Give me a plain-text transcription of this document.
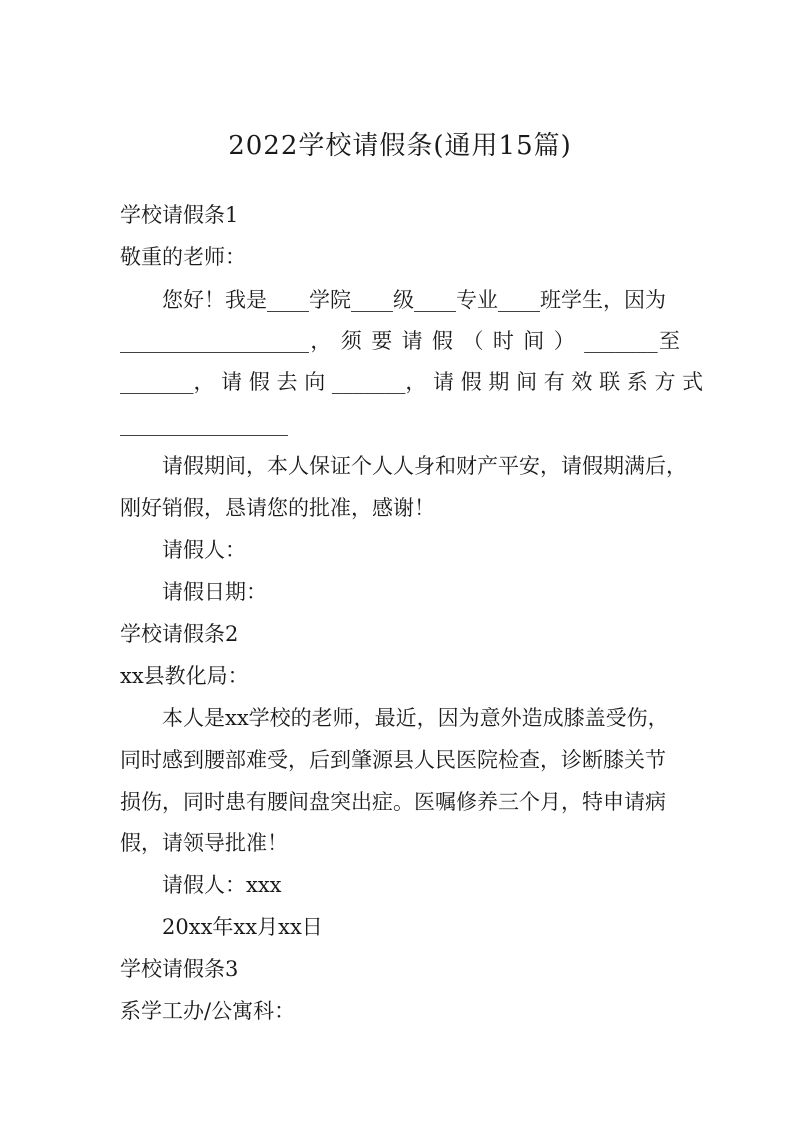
2022学校请假条(通用15篇)
学校请假条1
敬重的老师：
您好！我是____学院____级____专业____班学生，因为
__________________， 须 要 请 假 （ 时 间 ） _______至
_______， 请 假 去 向 _______， 请 假 期 间 有 效 联 系 方 式
________________
请假期间，本人保证个人人身和财产平安，请假期满后，
刚好销假，恳请您的批准，感谢！
请假人：
请假日期：
学校请假条2
xx县教化局：
本人是xx学校的老师，最近，因为意外造成膝盖受伤，
同时感到腰部难受，后到肇源县人民医院检查，诊断膝关节
损伤，同时患有腰间盘突出症。医嘱修养三个月，特申请病
假，请领导批准！
请假人：xxx
20xx年xx月xx日
学校请假条3
系学工办/公寓科：
